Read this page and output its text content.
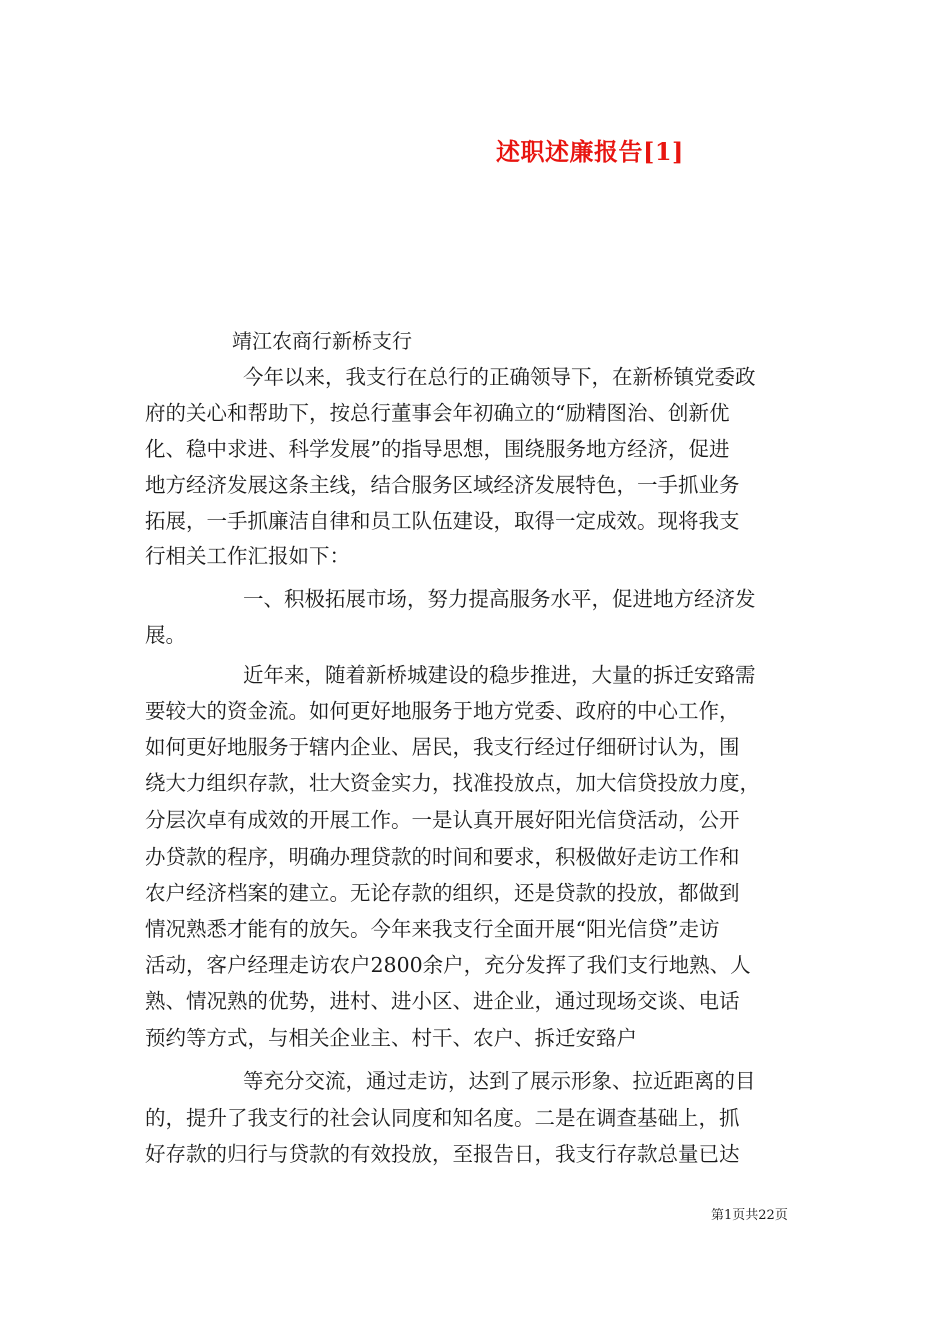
述职述廉报告[1]
靖江农商行新桥支行
今年以来，我支行在总行的正确领导下，在新桥镇党委政
府的关心和帮助下，按总行董事会年初确立的“励精图治、创新优
化、稳中求进、科学发展”的指导思想，围绕服务地方经济，促进
地方经济发展这条主线，结合服务区域经济发展特色，一手抓业务
拓展，一手抓廉洁自律和员工队伍建设，取得一定成效。现将我支
行相关工作汇报如下：
一、积极拓展市场，努力提高服务水平，促进地方经济发
展。
近年来，随着新桥城建设的稳步推进，大量的拆迁安臵需
要较大的资金流。如何更好地服务于地方党委、政府的中心工作，
如何更好地服务于辖内企业、居民，我支行经过仔细研讨认为，围
绕大力组织存款，壮大资金实力，找准投放点，加大信贷投放力度，
分层次卓有成效的开展工作。一是认真开展好阳光信贷活动，公开
办贷款的程序，明确办理贷款的时间和要求，积极做好走访工作和
农户经济档案的建立。无论存款的组织，还是贷款的投放，都做到
情况熟悉才能有的放矢。今年来我支行全面开展“阳光信贷”走访
活动，客户经理走访农户2800余户，充分发挥了我们支行地熟、人
熟、情况熟的优势，进村、进小区、进企业，通过现场交谈、电话
预约等方式，与相关企业主、村干、农户、拆迁安臵户
等充分交流，通过走访，达到了展示形象、拉近距离的目
的，提升了我支行的社会认同度和知名度。二是在调查基础上，抓
好存款的归行与贷款的有效投放，至报告日，我支行存款总量已达
第1页共22页
